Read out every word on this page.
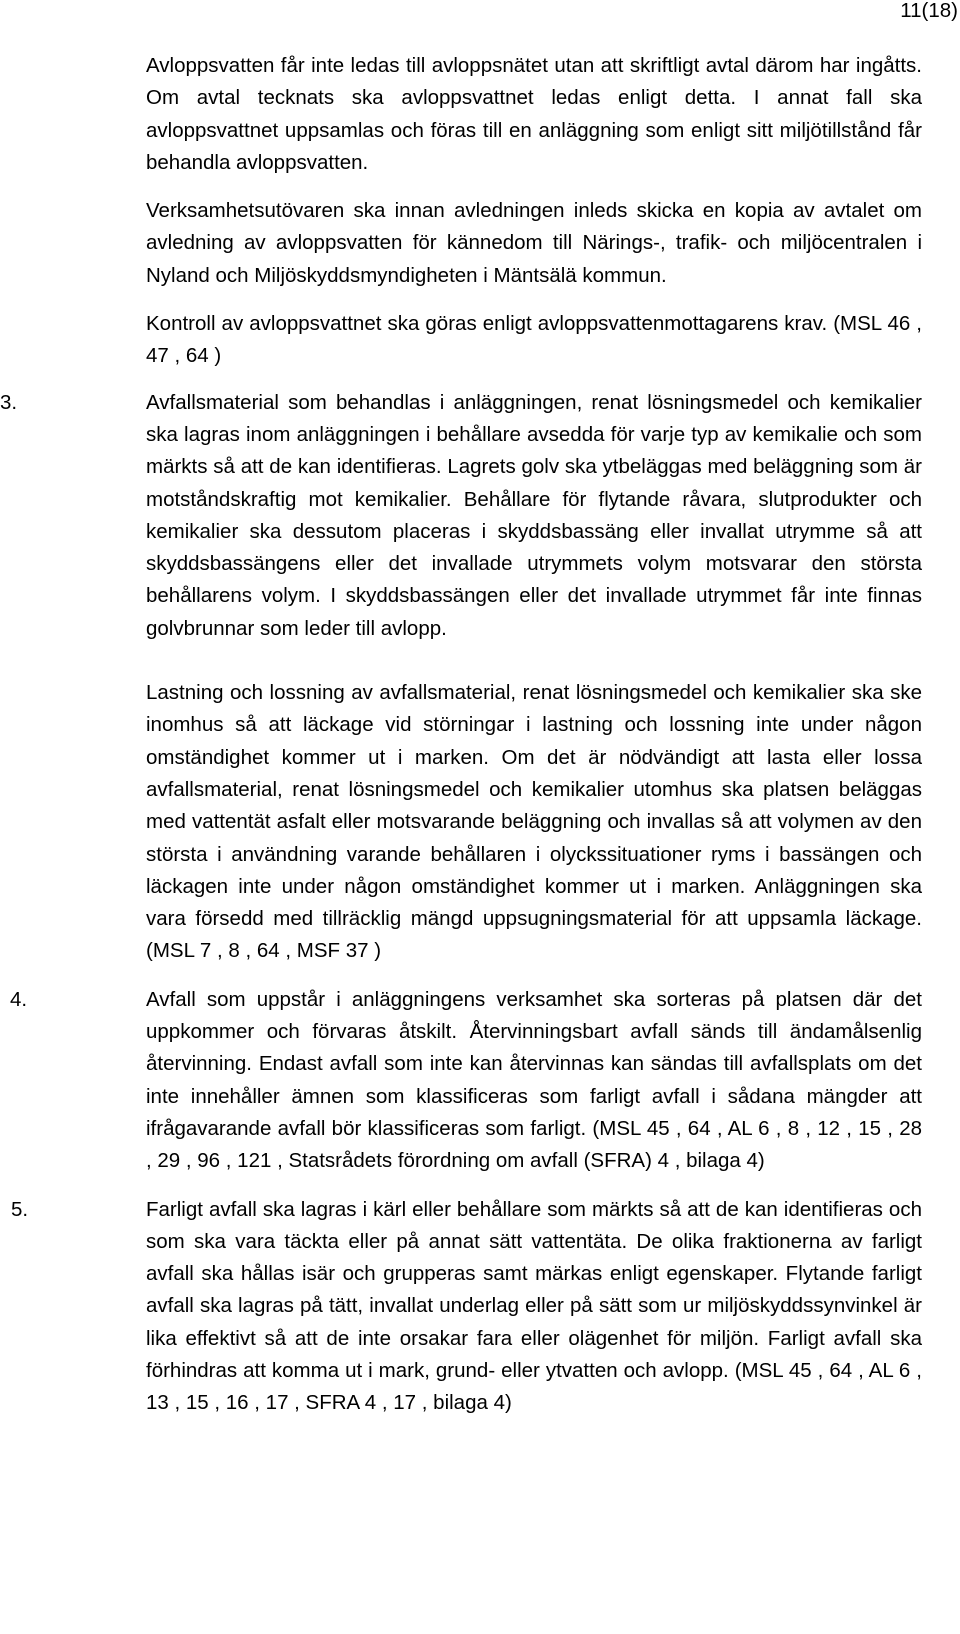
11(18)

Avloppsvatten får inte ledas till avloppsnätet utan att skriftligt avtal därom har ingåtts. Om avtal tecknats ska avloppsvattnet ledas enligt detta. I annat fall ska avloppsvattnet uppsamlas och föras till en anläggning som enligt sitt miljötillstånd får behandla avloppsvatten.

Verksamhetsutövaren ska innan avledningen inleds skicka en kopia av avtalet om avledning av avloppsvatten för kännedom till Närings-, trafik- och miljöcentralen i Nyland och Miljöskyddsmyndigheten i Mäntsälä kommun.

Kontroll av avloppsvattnet ska göras enligt avloppsvattenmottagarens krav. (MSL 46 , 47 , 64 )

3.	Avfallsmaterial som behandlas i anläggningen, renat lösningsmedel och kemikalier ska lagras inom anläggningen i behållare avsedda för varje typ av kemikalie och som märkts så att de kan identifieras. Lagrets golv ska ytbeläggas med beläggning som är motståndskraftig mot kemikalier. Behållare för flytande råvara, slutprodukter och kemikalier ska dessutom placeras i skyddsbassäng eller invallat utrymme så att skyddsbassängens eller det invallade utrymmets volym motsvarar den största behållarens volym. I skyddsbassängen eller det invallade utrymmet får inte finnas golvbrunnar som leder till avlopp.

Lastning och lossning av avfallsmaterial, renat lösningsmedel och kemikalier ska ske inomhus så att läckage vid störningar i lastning och lossning inte under någon omständighet kommer ut i marken. Om det är nödvändigt att lasta eller lossa avfallsmaterial, renat lösningsmedel och kemikalier utomhus ska platsen beläggas med vattentät asfalt eller motsvarande beläggning och invallas så att volymen av den största i användning varande behållaren i olyckssituationer ryms i bassängen och läckagen inte under någon omständighet kommer ut i marken. Anläggningen ska vara försedd med tillräcklig mängd uppsugningsmaterial för att uppsamla läckage. (MSL 7 , 8 , 64 , MSF 37 )

4.	Avfall som uppstår i anläggningens verksamhet ska sorteras på platsen där det uppkommer och förvaras åtskilt. Återvinningsbart avfall sänds till ändamålsenlig återvinning. Endast avfall som inte kan återvinnas kan sändas till avfallsplats om det inte innehåller ämnen som klassificeras som farligt avfall i sådana mängder att ifrågavarande avfall bör klassificeras som farligt. (MSL 45 , 64 , AL 6 , 8 , 12 , 15 , 28 , 29 , 96 , 121 , Statsrådets förordning om avfall (SFRA) 4 , bilaga 4)

5.	Farligt avfall ska lagras i kärl eller behållare som märkts så att de kan identifieras och som ska vara täckta eller på annat sätt vattentäta. De olika fraktionerna av farligt avfall ska hållas isär och grupperas samt märkas enligt egenskaper. Flytande farligt avfall ska lagras på tätt, invallat underlag eller på sätt som ur miljöskyddssynvinkel är lika effektivt så att de inte orsakar fara eller olägenhet för miljön. Farligt avfall ska förhindras att komma ut i mark, grund- eller ytvatten och avlopp. (MSL 45 , 64 , AL 6 , 13 , 15 , 16 , 17 , SFRA 4 , 17 , bilaga 4)
